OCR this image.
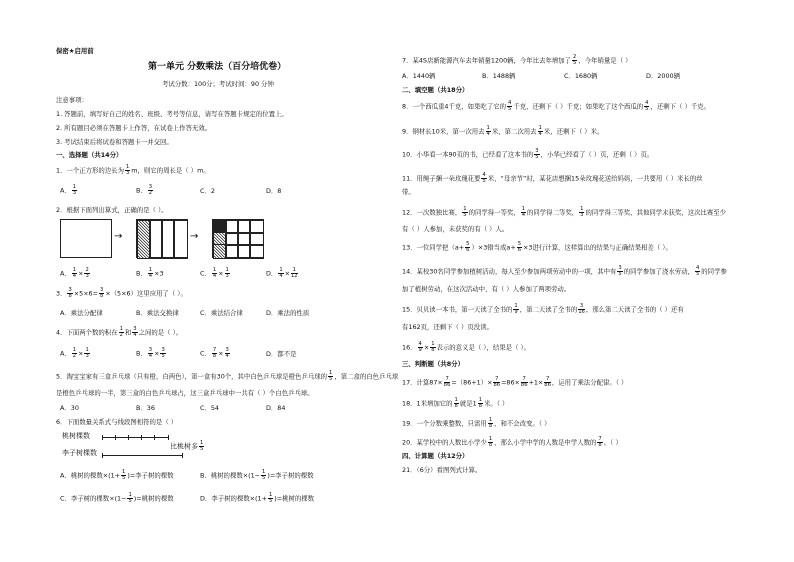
保密★启用前
第一单元 分数乘法（百分培优卷）
考试分数：100分；考试时间：90 分钟
注意事项：
1. 答题前，填写好自己的姓名、班级、考号等信息，请写在答题卡规定的位置上。
2. 所有题目必须在答题卡上作答，在试卷上作答无效。
3. 考试结束后将试卷和答题卡一并交回。
一、选择题（共14分）
1．一个正方形的边长为 $\frac{1}{3}$ m，则它的周长是（ ）m。
A． $\frac{1}{3}$	B． $\frac{3}{2}$	C．2	D．8
2．根据下面列出算式，正确的是（ ）。
→	→
A． $\frac{1}{4} \times \frac{2}{3}$	B． $\frac{1}{4} \times 3$	C． $\frac{1}{4} \times \frac{1}{3}$	D． $\frac{1}{4} \times \frac{1}{12}$
3． $\frac{3}{8} \times 5\times 6= \frac{3}{8} \times(5\times 6)$这里应用了（ ）。
A．乘法分配律	B．乘法交换律	C．乘法结合律	D．乘法的性质
4．下面两个数的积在 $\frac{1}{2}$ 和 $\frac{3}{4}$ 之间的是（ ）。
A． $\frac{1}{2} \times \frac{1}{3}$	B． $\frac{3}{4} \times \frac{3}{5}$	C． $\frac{7}{8} \times \frac{3}{4}$	D．都不是
5．淘宝宝家有三盒乒乓球（只有橙、白两色），第一盒有30个，其中白色乒乓球是橙色乒乓球的 $\frac{1}{5}$ ，第二盒的白色乒乓球
是橙色乒乓球的一半，第三盒的白色乒乓球占，这三盒乒乓球中一共有（ ）个白色乒乓球。
A．30	B．36	C．54	D．84
6．下面数量关系式与线段图相符的是（ ）
桃树棵数
比桃树多 $\frac{1}{5}$
李子树棵数
A．桃树的棵数$\times(1+ \frac{1}{5}$ )=李子树的棵数	B．桃树的棵数$\times(1- \frac{1}{5}$ )=李子树的棵数
C．李子树的棵数$\times(1- \frac{1}{5}$ )=桃树的棵数	D．李子树的棵数$\times(1+ \frac{1}{5}$ )=桃树的棵数
7．某4S店新能源汽车去年销量1200辆，今年比去年增加了 $\frac{2}{5}$ ，今年销量是（ ）
A．1440辆	B．1488辆	C．1680辆	D．2000辆
二、填空题（共18分）
8．一个西瓜重4千克，如果吃了它的 $\frac{4}{5}$ 千克，还剩下（ ）千克；如果吃了这个西瓜的 $\frac{4}{5}$ ，还剩下（ ）千克。
9．钢材长10米，第一次用去 $\frac{1}{4}$ 米，第二次用去 $\frac{1}{4}$ 米，还剩下（ ）米。
10．小华看一本90页的书，已经看了这本书的 $\frac{3}{5}$ ，小华已经看了（ ）页，还剩（ ）页。
11．用绳子捆一朵玫瑰花要 $\frac{4}{5}$ 米，“母亲节”时，某花店想捆15朵玫瑰花送给妈妈，一共要用（ ）米长的丝
带。
12．一次数独比赛， $\frac{1}{5}$ 的同学得一等奖， $\frac{1}{4}$ 的同学得二等奖， $\frac{1}{3}$ 的同学得三等奖，其他同学未获奖，这次比赛至少
有（ ）人参加，未获奖的有（ ）人。
13．一位同学把$(a+ \frac{5}{6} )\times 3$错当成$a+ \frac{5}{6} \times 3$进行计算，这样算出的结果与正确结果相差（ ）。
14．某校30名同学参加植树活动，每人至少参加两项劳动中的一项，其中有 $\frac{3}{5}$ 的同学参加了浇水劳动， $\frac{4}{5}$ 的同学参
加了植树劳动，在这次活动中，有（ ）人参加了两项劳动。
15．贝贝读一本书，第一天读了全书的 $\frac{1}{9}$ ，第二天读了全书的 $\frac{3}{16}$ ，那么第二天读了全书的（ ）还有
有162页，还剩下（ ）页没读。
16． $\frac{4}{9} \times \frac{1}{8}$ 表示的意义是（ ），结果是（ ）。
三、判断题（共8分）
17．计算$87\times \frac{7}{86} =(86+1)\times \frac{7}{86} =86\times \frac{7}{86} +1\times \frac{7}{86}$ ，运用了乘法分配律。（ ）
18．1米增加它的 $\frac{1}{8}$ 就是$1 \frac{1}{8}$ 米。（ ）
19．一个分数乘整数，只需用 $\frac{1}{8}$ ，和不会改变。（ ）
20．某学校中的人数比小学少 $\frac{1}{8}$ ，那么小学中学的人数是中学人数的 $\frac{7}{8}$ 。（ ）
四、计算题（共12分）
21．（6分）看图列式计算。
